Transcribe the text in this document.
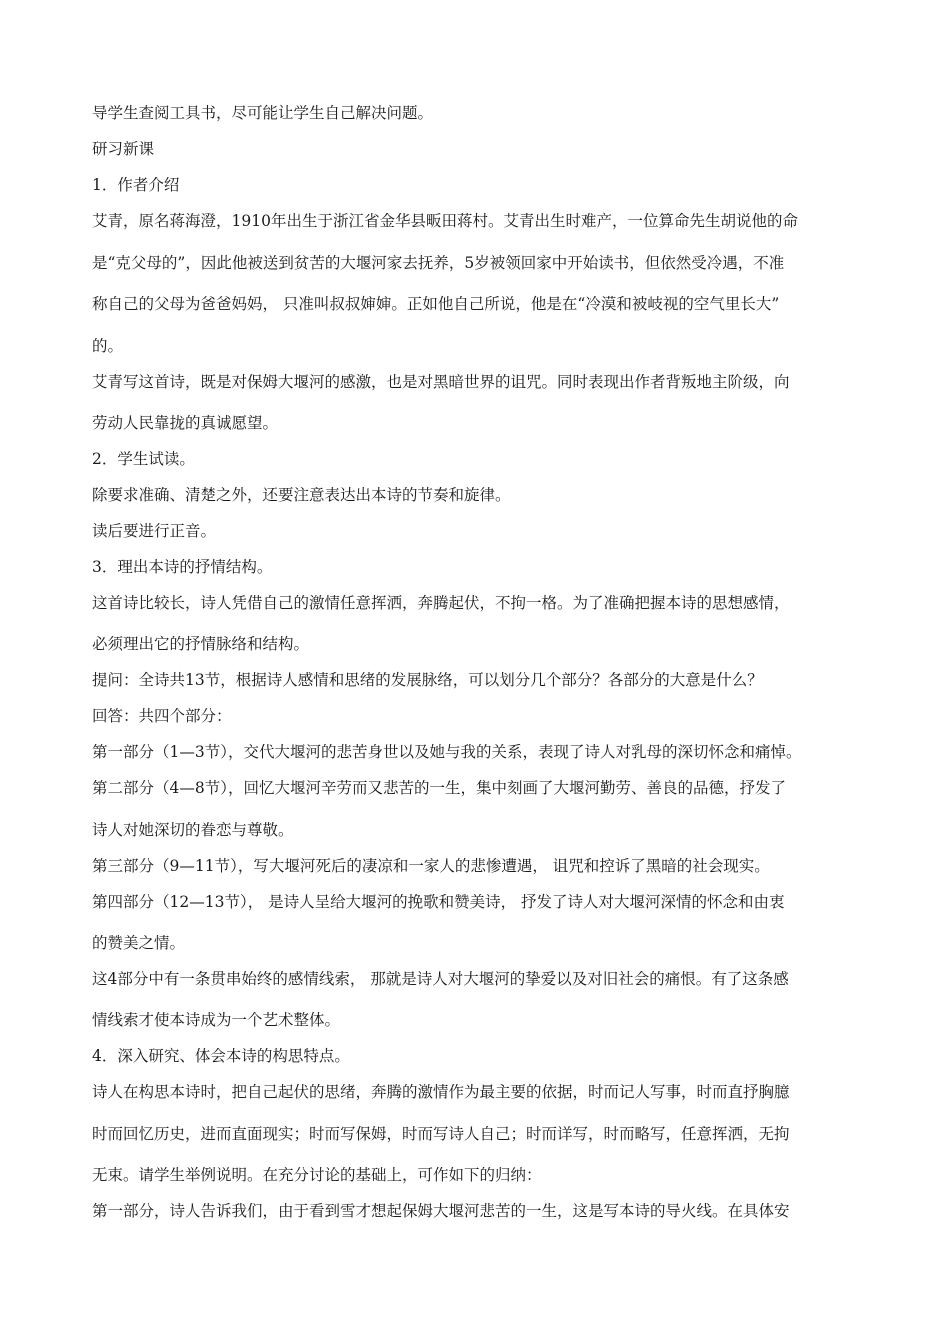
导学生查阅工具书，尽可能让学生自己解决问题。
研习新课
1．作者介绍
艾青，原名蒋海澄，1910年出生于浙江省金华县畈田蒋村。艾青出生时难产，一位算命先生胡说他的命
是“克父母的”，因此他被送到贫苦的大堰河家去抚养，5岁被领回家中开始读书，但依然受冷遇，不准
称自己的父母为爸爸妈妈， 只准叫叔叔婶婶。正如他自己所说，他是在“冷漠和被岐视的空气里长大”
的。
艾青写这首诗，既是对保姆大堰河的感激，也是对黑暗世界的诅咒。同时表现出作者背叛地主阶级，向
劳动人民靠拢的真诚愿望。
2．学生试读。
除要求准确、清楚之外，还要注意表达出本诗的节奏和旋律。
读后要进行正音。
3．理出本诗的抒情结构。
这首诗比较长，诗人凭借自己的激情任意挥洒，奔腾起伏，不拘一格。为了准确把握本诗的思想感情，
必须理出它的抒情脉络和结构。
提问：全诗共13节，根据诗人感情和思绪的发展脉络，可以划分几个部分？各部分的大意是什么？
回答：共四个部分：
第一部分（1—3节），交代大堰河的悲苦身世以及她与我的关系，表现了诗人对乳母的深切怀念和痛悼。
第二部分（4—8节），回忆大堰河辛劳而又悲苦的一生，集中刻画了大堰河勤劳、善良的品德，抒发了
诗人对她深切的眷恋与尊敬。
第三部分（9—11节），写大堰河死后的凄凉和一家人的悲惨遭遇， 诅咒和控诉了黑暗的社会现实。
第四部分（12—13节）， 是诗人呈给大堰河的挽歌和赞美诗， 抒发了诗人对大堰河深情的怀念和由衷
的赞美之情。
这4部分中有一条贯串始终的感情线索， 那就是诗人对大堰河的挚爱以及对旧社会的痛恨。有了这条感
情线索才使本诗成为一个艺术整体。
4．深入研究、体会本诗的构思特点。
诗人在构思本诗时，把自己起伏的思绪，奔腾的激情作为最主要的依据，时而记人写事，时而直抒胸臆
时而回忆历史，进而直面现实；时而写保姆，时而写诗人自己；时而详写，时而略写，任意挥洒，无拘
无束。请学生举例说明。在充分讨论的基础上，可作如下的归纳：
第一部分，诗人告诉我们，由于看到雪才想起保姆大堰河悲苦的一生，这是写本诗的导火线。在具体安
